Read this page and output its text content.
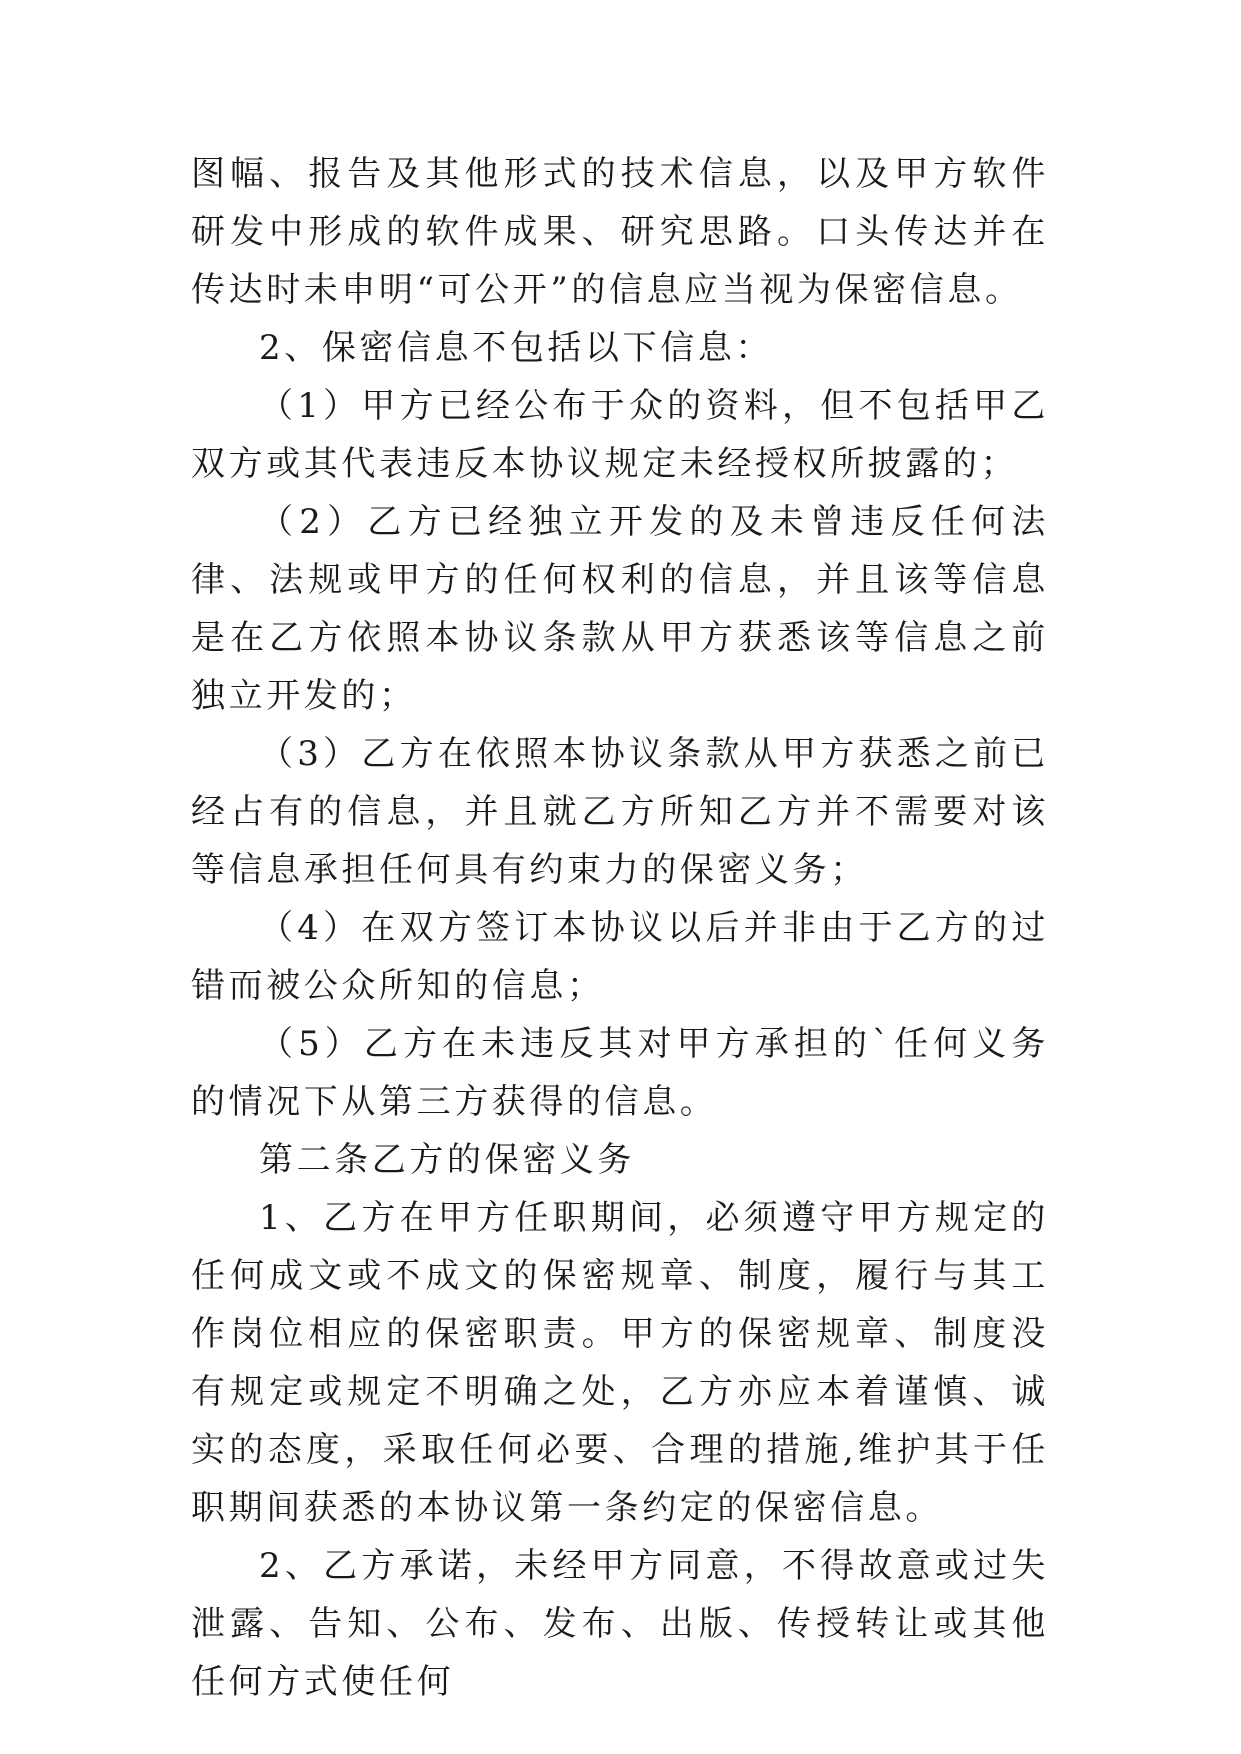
图幅、报告及其他形式的技术信息，以及甲方软件研发中形成的软件成果、研究思路。口头传达并在传达时未申明“可公开”的信息应当视为保密信息。

2、保密信息不包括以下信息：

（1）甲方已经公布于众的资料，但不包括甲乙双方或其代表违反本协议规定未经授权所披露的；

（2）乙方已经独立开发的及未曾违反任何法律、法规或甲方的任何权利的信息，并且该等信息是在乙方依照本协议条款从甲方获悉该等信息之前独立开发的；

（3）乙方在依照本协议条款从甲方获悉之前已经占有的信息，并且就乙方所知乙方并不需要对该等信息承担任何具有约束力的保密义务；

（4）在双方签订本协议以后并非由于乙方的过错而被公众所知的信息；

（5）乙方在未违反其对甲方承担的`任何义务的情况下从第三方获得的信息。

第二条乙方的保密义务

1、乙方在甲方任职期间，必须遵守甲方规定的任何成文或不成文的保密规章、制度，履行与其工作岗位相应的保密职责。甲方的保密规章、制度没有规定或规定不明确之处，乙方亦应本着谨慎、诚实的态度，采取任何必要、合理的措施,维护其于任职期间获悉的本协议第一条约定的保密信息。

2、乙方承诺，未经甲方同意，不得故意或过失泄露、告知、公布、发布、出版、传授转让或其他任何方式使任何
